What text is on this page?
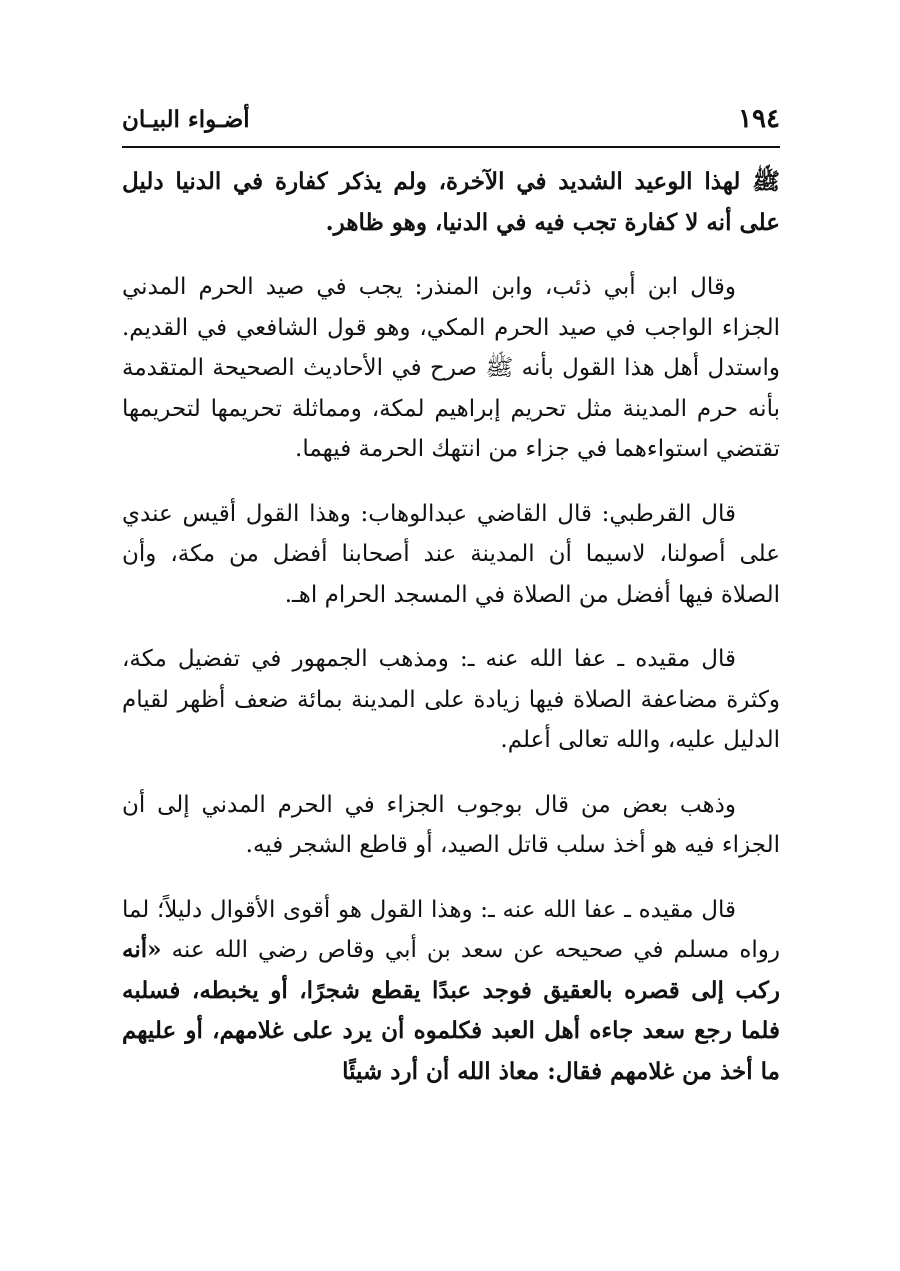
١٩٤
أضـواء البيـان

ﷺ لهذا الوعيد الشديد في الآخرة، ولم يذكر كفارة في الدنيا دليل على أنه لا كفارة تجب فيه في الدنيا، وهو ظاهر.

وقال ابن أبي ذئب، وابن المنذر: يجب في صيد الحرم المدني الجزاء الواجب في صيد الحرم المكي، وهو قول الشافعي في القديم. واستدل أهل هذا القول بأنه ﷺ صرح في الأحاديث الصحيحة المتقدمة بأنه حرم المدينة مثل تحريم إبراهيم لمكة، ومماثلة تحريمها لتحريمها تقتضي استواءهما في جزاء من انتهك الحرمة فيهما.

قال القرطبي: قال القاضي عبدالوهاب: وهذا القول أقيس عندي على أصولنا، لاسيما أن المدينة عند أصحابنا أفضل من مكة، وأن الصلاة فيها أفضل من الصلاة في المسجد الحرام اهـ.

قال مقيده ـ عفا الله عنه ـ: ومذهب الجمهور في تفضيل مكة، وكثرة مضاعفة الصلاة فيها زيادة على المدينة بمائة ضعف أظهر لقيام الدليل عليه، والله تعالى أعلم.

وذهب بعض من قال بوجوب الجزاء في الحرم المدني إلى أن الجزاء فيه هو أخذ سلب قاتل الصيد، أو قاطع الشجر فيه.

قال مقيده ـ عفا الله عنه ـ: وهذا القول هو أقوى الأقوال دليلاً؛ لما رواه مسلم في صحيحه عن سعد بن أبي وقاص رضي الله عنه «أنه ركب إلى قصره بالعقيق فوجد عبدًا يقطع شجرًا، أو يخبطه، فسلبه فلما رجع سعد جاءه أهل العبد فكلموه أن يرد على غلامهم، أو عليهم ما أخذ من غلامهم فقال: معاذ الله أن أرد شيئًا
